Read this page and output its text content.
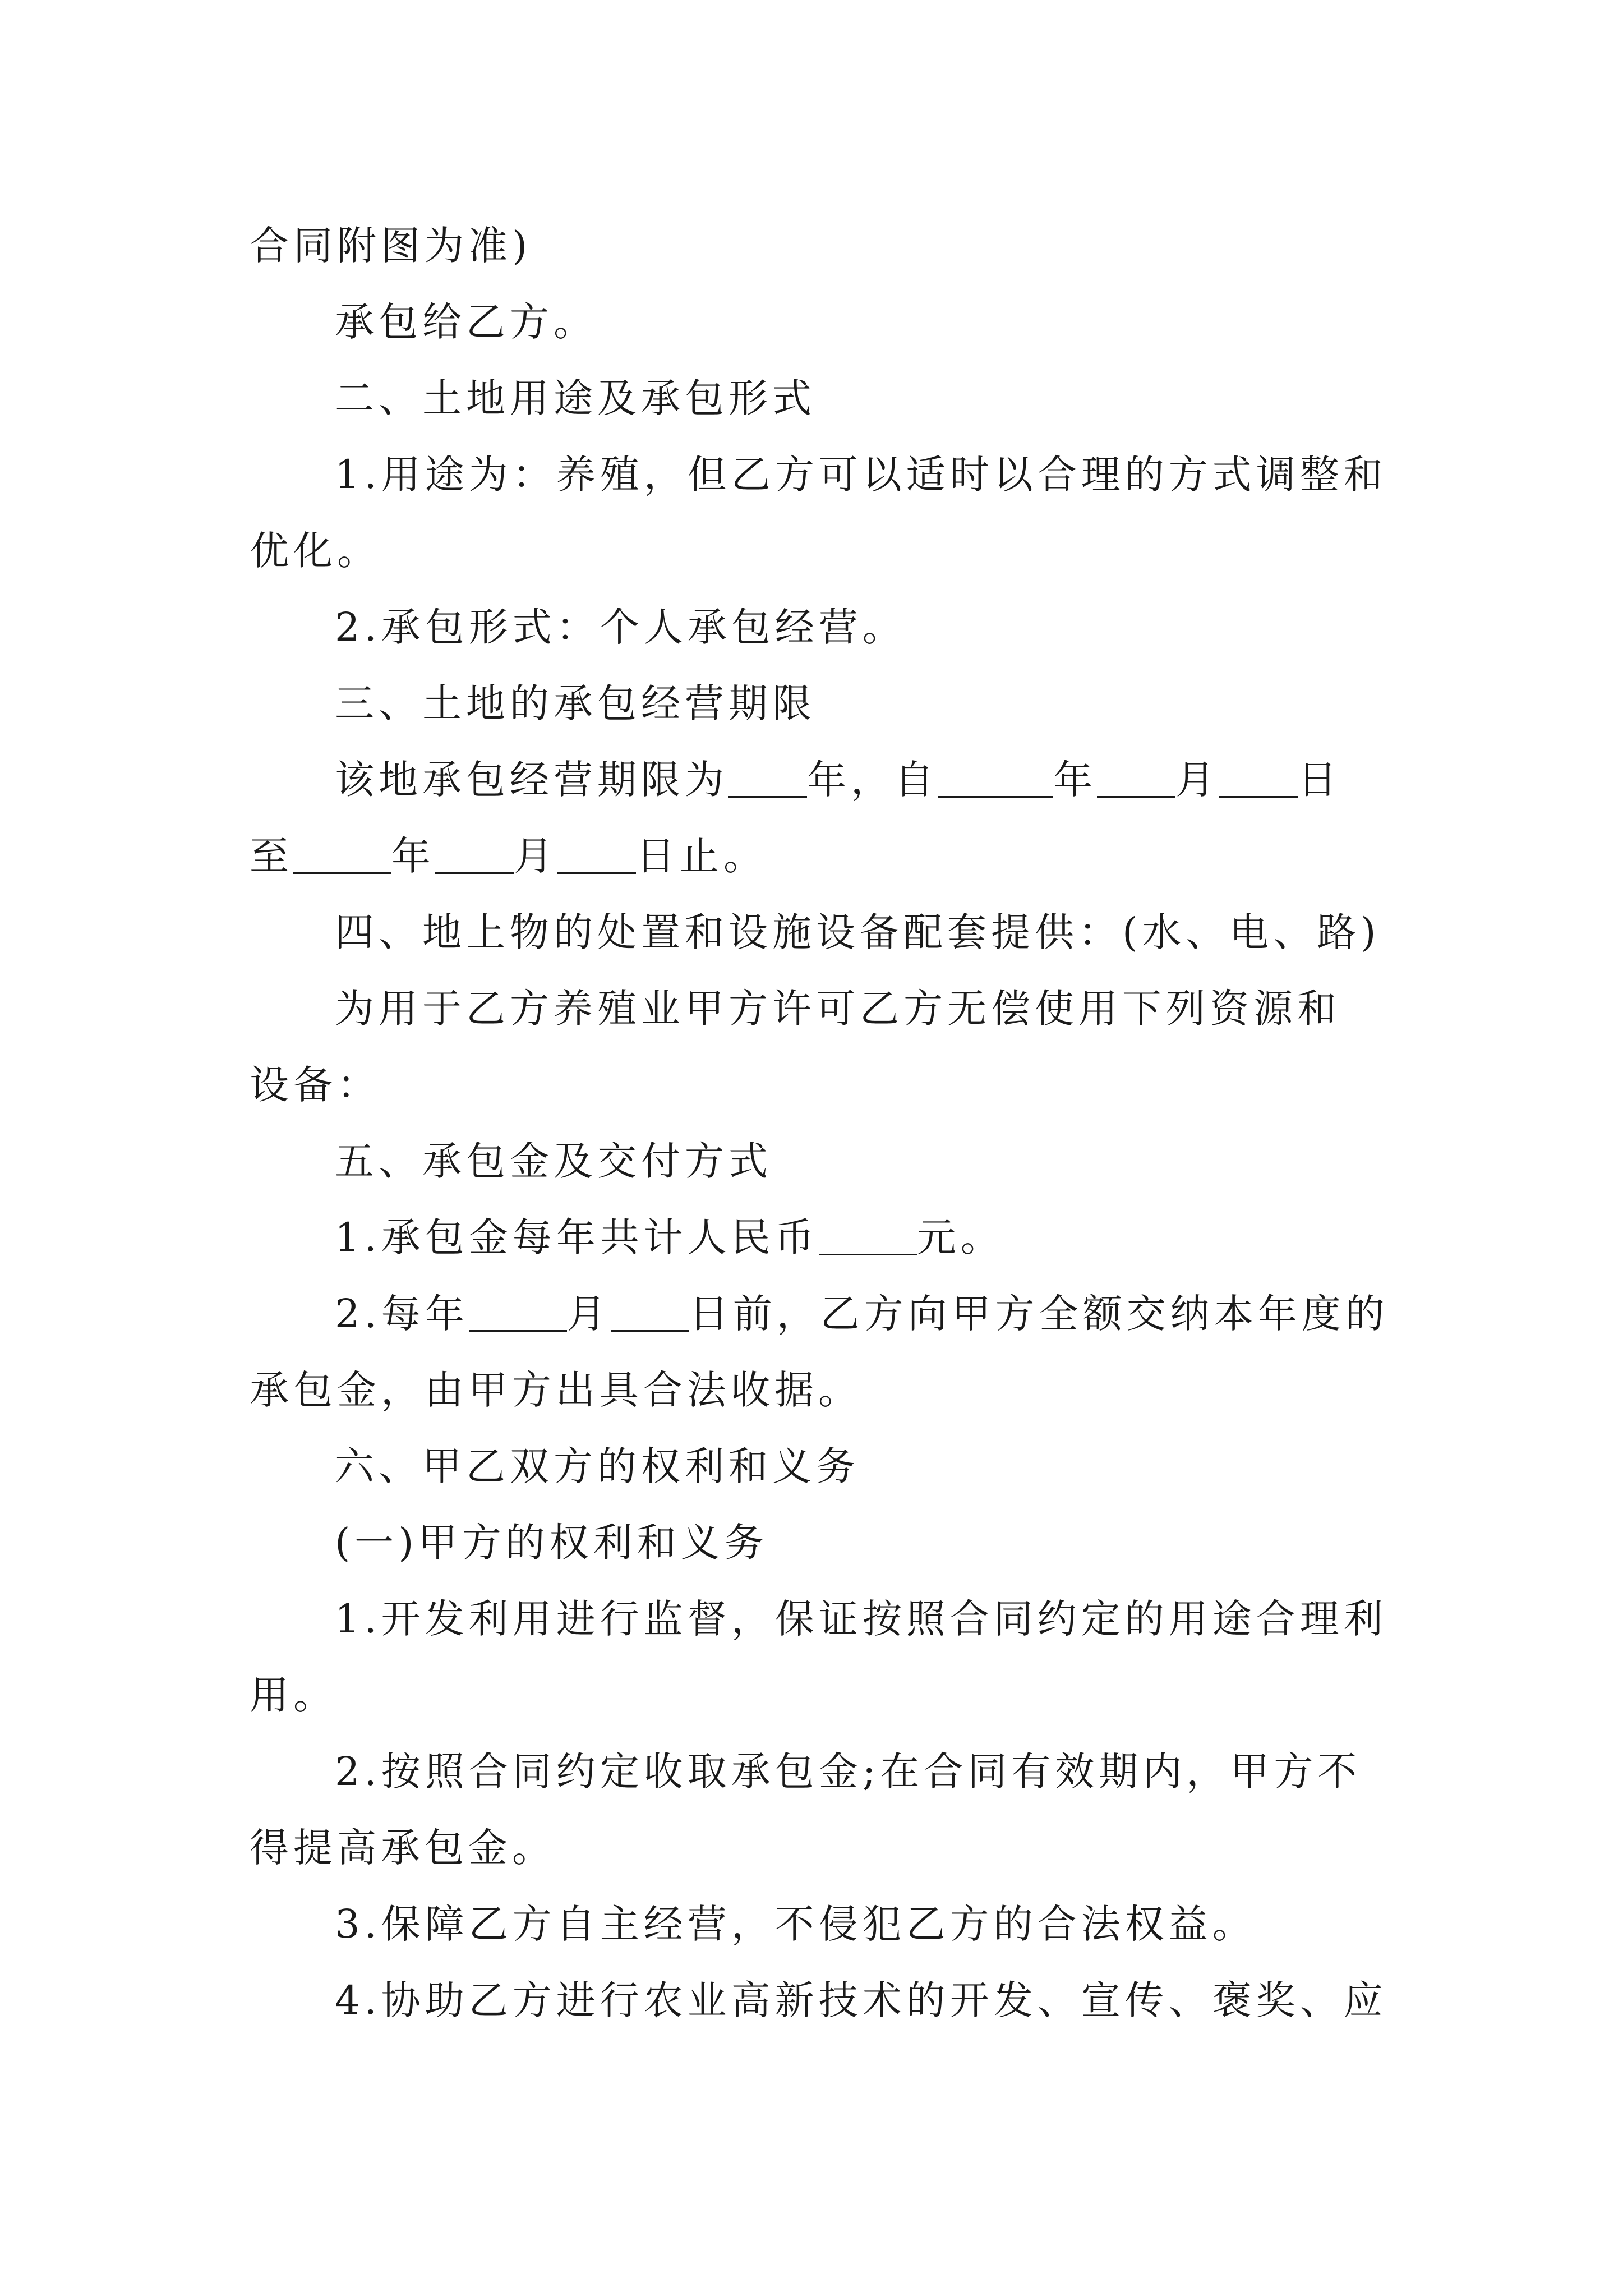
合同附图为准)
承包给乙方。
二、土地用途及承包形式
1.用途为：养殖，但乙方可以适时以合理的方式调整和
优化。
2.承包形式：个人承包经营。
三、土地的承包经营期限
该地承包经营期限为 年，自	年 月 日
至	年 月 日止。
四、地上物的处置和设施设备配套提供：(水、电、路)
为用于乙方养殖业甲方许可乙方无偿使用下列资源和
设备：
五、承包金及交付方式
1.承包金每年共计人民币	元。
2.每年	月 日前，乙方向甲方全额交纳本年度的
承包金，由甲方出具合法收据。
六、甲乙双方的权利和义务
(一)甲方的权利和义务
1.开发利用进行监督，保证按照合同约定的用途合理利
用。
2.按照合同约定收取承包金;在合同有效期内，甲方不
得提高承包金。
3.保障乙方自主经营，不侵犯乙方的合法权益。
4.协助乙方进行农业高新技术的开发、宣传、褒奖、应
